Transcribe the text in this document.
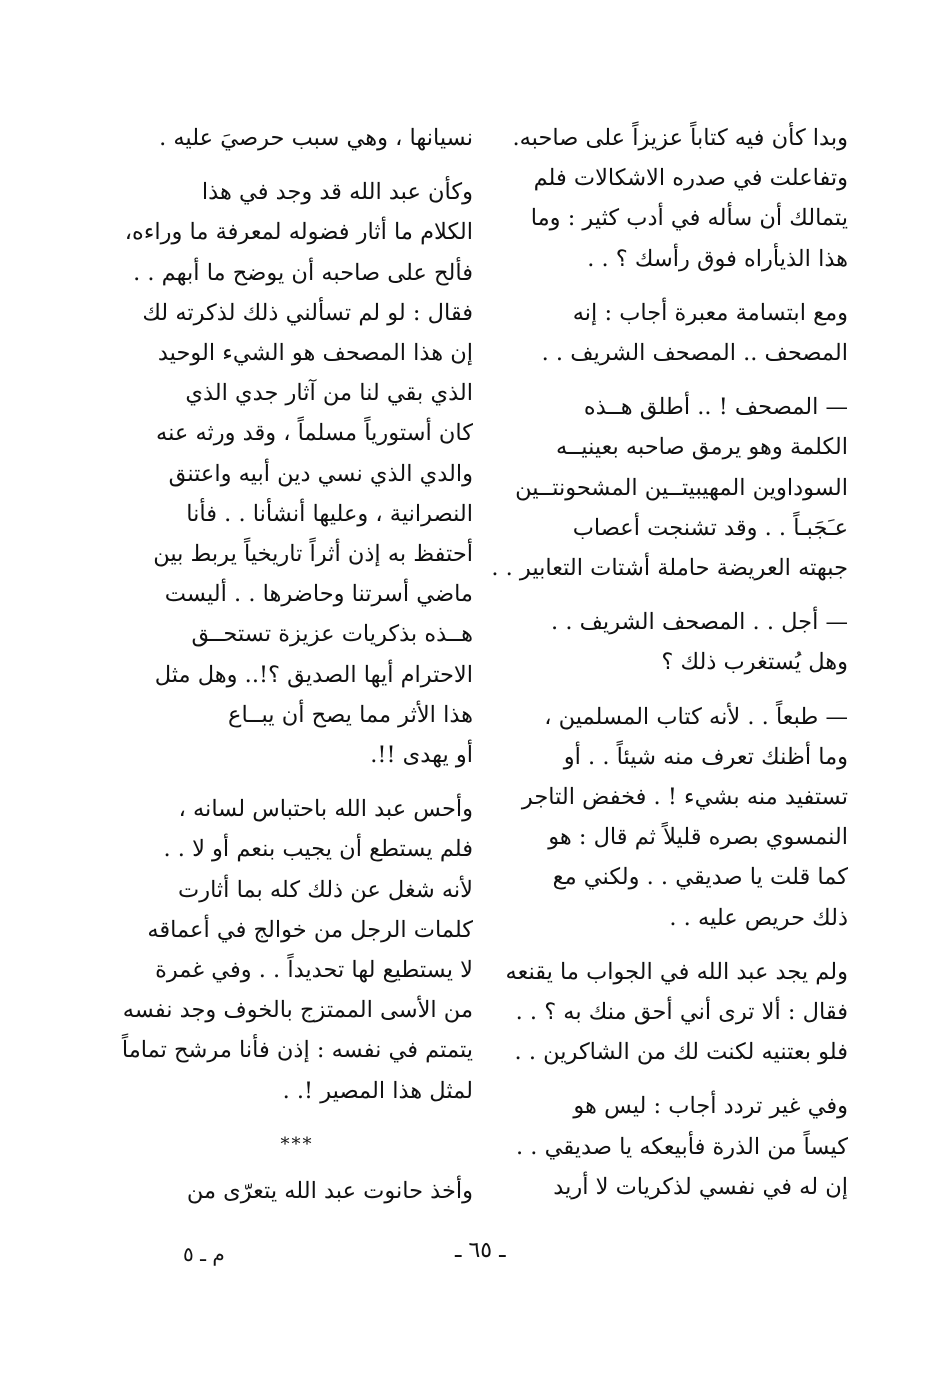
وبدا كأن فيه كتاباً عزيزاً على صاحبه.
وتفاعلت في صدره الاشكالات فلم
يتمالك أن سأله في أدب كثير : وما
هذا الذيأراه فوق رأسك ؟ . .
ومع ابتسامة معبرة أجاب : إنه
المصحف .. المصحف الشريف . .
— المصحف ! .. أطلق هــذه
الكلمة وهو يرمق صاحبه بعينيــه
السوداوين المهيبيتــين المشحونتــين
عـَجَبـاً . . وقد تشنجت أعصاب
جبهته العريضة حاملة أشتات التعابير . .
— أجل . . المصحف الشريف . .
وهل يُستغرب ذلك ؟
— طبعاً . . لأنه كتاب المسلمين ،
وما أظنك تعرف منه شيئاً . . أو
تستفيد منه بشيء ! . فخفض التاجر
النمسوي بصره قليلاً ثم قال : هو
كما قلت يا صديقي . . ولكني مع
ذلك حريص عليه . .
ولم يجد عبد الله في الجواب ما يقنعه
فقال : ألا ترى أني أحق منك به ؟ . .
فلو بعتنيه لكنت لك من الشاكرين . .
وفي غير تردد أجاب : ليس هو
كيساً من الذرة فأبيعكه يا صديقي . .
إن له في نفسي لذكريات لا أريد
نسيانها ، وهي سبب حرصيَ عليه .
وكأن عبد الله قد وجد في هذا
الكلام ما أثار فضوله لمعرفة ما وراءه،
فألح على صاحبه أن يوضح ما أبهم . .
فقال : لو لم تسألني ذلك لذكرته لك
إن هذا المصحف هو الشيء الوحيد
الذي بقي لنا من آثار جدي الذي
كان أستورياً مسلماً ، وقد ورثه عنه
والدي الذي نسي دين أبيه واعتنق
النصرانية ، وعليها أنشأنا . . فأنا
أحتفظ به إذن أثراً تاريخياً يربط بين
ماضي أسرتنا وحاضرها . . أليست
هــذه بذكريات عزيزة تستحــق
الاحترام أيها الصديق ؟!.. وهل مثل
هذا الأثر مما يصح أن يبــاع
أو يهدى !!.
وأحس عبد الله باحتباس لسانه ،
فلم يستطع أن يجيب بنعم أو لا . .
لأنه شغل عن ذلك كله بما أثارت
كلمات الرجل من خوالج في أعماقه
لا يستطيع لها تحديداً . . وفي غمرة
من الأسى الممتزج بالخوف وجد نفسه
يتمتم في نفسه : إذن فأنا مرشح تماماً
لمثل هذا المصير !. .
***
وأخذ حانوت عبد الله يتعرّى من
ـ ٦٥ ـ
م ـ ٥
